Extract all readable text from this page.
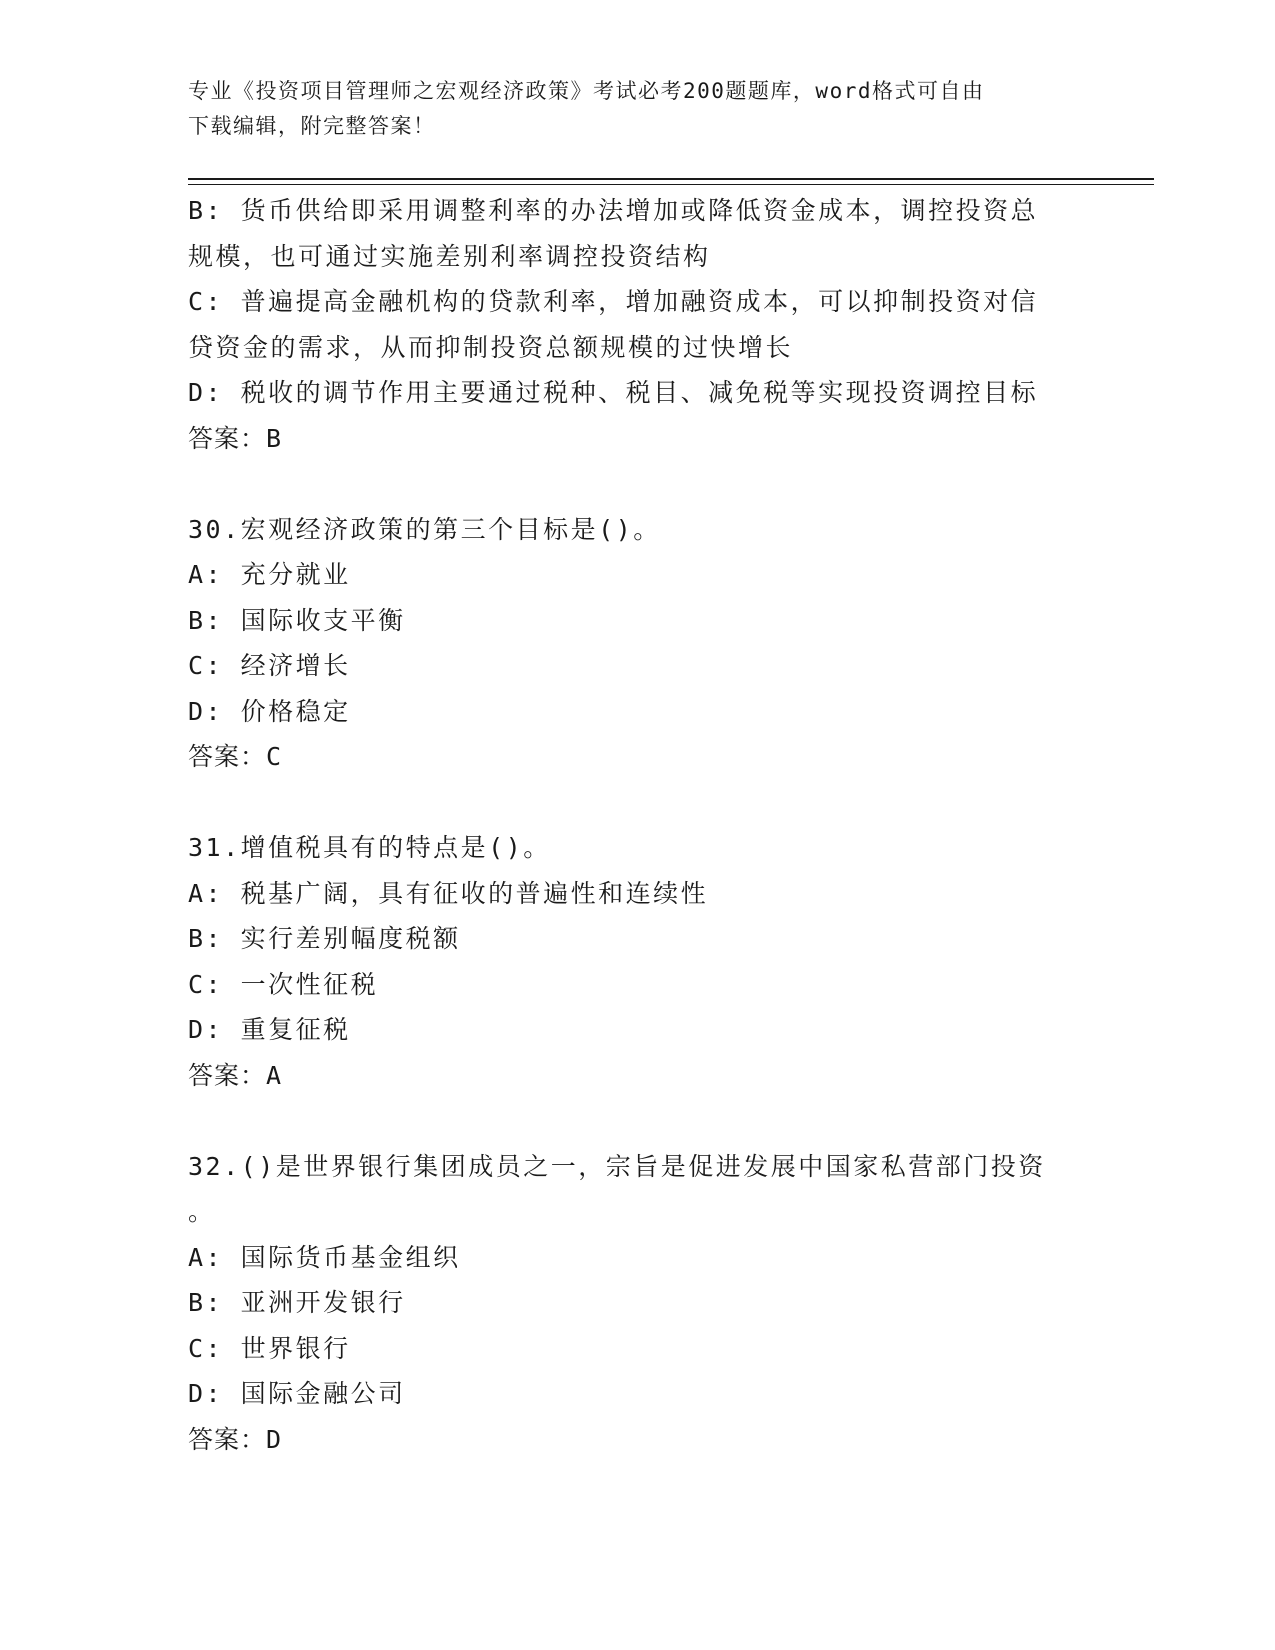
专业《投资项目管理师之宏观经济政策》考试必考200题题库，word格式可自由
下载编辑，附完整答案！
B: 货币供给即采用调整利率的办法增加或降低资金成本，调控投资总
规模，也可通过实施差别利率调控投资结构
C: 普遍提高金融机构的贷款利率，增加融资成本，可以抑制投资对信
贷资金的需求，从而抑制投资总额规模的过快增长
D: 税收的调节作用主要通过税种、税目、减免税等实现投资调控目标
答案：B
30.宏观经济政策的第三个目标是()。
A: 充分就业
B: 国际收支平衡
C: 经济增长
D: 价格稳定
答案：C
31.增值税具有的特点是()。
A: 税基广阔，具有征收的普遍性和连续性
B: 实行差别幅度税额
C: 一次性征税
D: 重复征税
答案：A
32.()是世界银行集团成员之一，宗旨是促进发展中国家私营部门投资
。
A: 国际货币基金组织
B: 亚洲开发银行
C: 世界银行
D: 国际金融公司
答案：D
